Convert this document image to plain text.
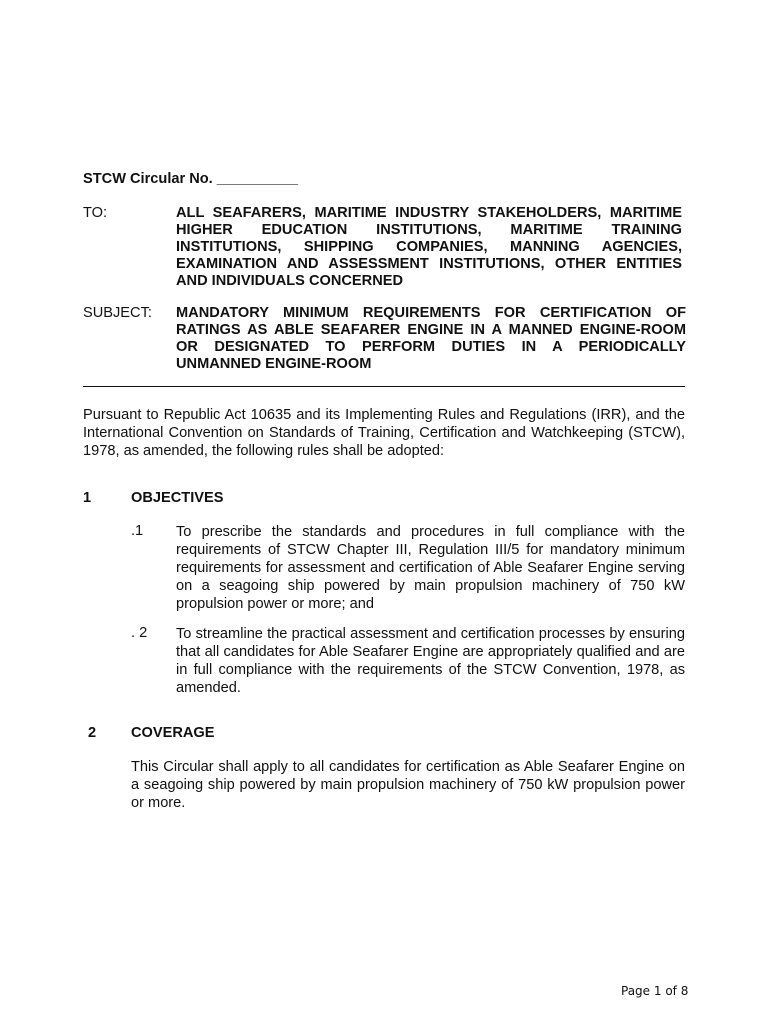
STCW Circular No. __________
TO:	ALL SEAFARERS, MARITIME INDUSTRY STAKEHOLDERS, MARITIME HIGHER EDUCATION INSTITUTIONS, MARITIME TRAINING INSTITUTIONS, SHIPPING COMPANIES, MANNING AGENCIES, EXAMINATION AND ASSESSMENT INSTITUTIONS, OTHER ENTITIES AND INDIVIDUALS CONCERNED
SUBJECT: MANDATORY MINIMUM REQUIREMENTS FOR CERTIFICATION OF RATINGS AS ABLE SEAFARER ENGINE IN A MANNED ENGINE-ROOM OR DESIGNATED TO PERFORM DUTIES IN A PERIODICALLY UNMANNED ENGINE-ROOM
Pursuant to Republic Act 10635 and its Implementing Rules and Regulations (IRR), and the International Convention on Standards of Training, Certification and Watchkeeping (STCW), 1978, as amended, the following rules shall be adopted:
1	OBJECTIVES
.1 To prescribe the standards and procedures in full compliance with the requirements of STCW Chapter III, Regulation III/5 for mandatory minimum requirements for assessment and certification of Able Seafarer Engine serving on a seagoing ship powered by main propulsion machinery of 750 kW propulsion power or more; and
. 2 To streamline the practical assessment and certification processes by ensuring that all candidates for Able Seafarer Engine are appropriately qualified and are in full compliance with the requirements of the STCW Convention, 1978, as amended.
2 COVERAGE
This Circular shall apply to all candidates for certification as Able Seafarer Engine on a seagoing ship powered by main propulsion machinery of 750 kW propulsion power or more.
Page 1 of 8
